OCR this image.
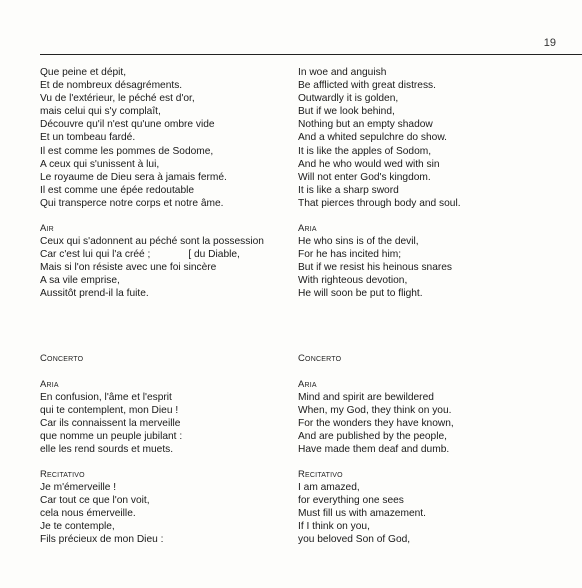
19
Que peine et dépit,
Et de nombreux désagréments.
Vu de l'extérieur, le péché est d'or,
mais celui qui s'y complaît,
Découvre qu'il n'est qu'une ombre vide
Et un tombeau fardé.
Il est comme les pommes de Sodome,
A ceux qui s'unissent à lui,
Le royaume de Dieu sera à jamais fermé.
Il est comme une épée redoutable
Qui transperce notre corps et notre âme.
Air
Ceux qui s'adonnent au péché sont la possession
Car c'est lui qui l'a créé ;	[ du Diable,
Mais si l'on résiste avec une foi sincère
A sa vile emprise,
Aussitôt prend-il la fuite.
Concerto
Aria
En confusion, l'âme et l'esprit
qui te contemplent, mon Dieu !
Car ils connaissent la merveille
que nomme un peuple jubilant :
elle les rend sourds et muets.
Recitativo
Je m'émerveille !
Car tout ce que l'on voit,
cela nous émerveille.
Je te contemple,
Fils précieux de mon Dieu :
In woe and anguish
Be afflicted with great distress.
Outwardly it is golden,
But if we look behind,
Nothing but an empty shadow
And a whited sepulchre do show.
It is like the apples of Sodom,
And he who would wed with sin
Will not enter God's kingdom.
It is like a sharp sword
That pierces through body and soul.
Aria
He who sins is of the devil,
For he has incited him;
But if we resist his heinous snares
With righteous devotion,
He will soon be put to flight.
Concerto
Aria
Mind and spirit are bewildered
When, my God, they think on you.
For the wonders they have known,
And are published by the people,
Have made them deaf and dumb.
Recitativo
I am amazed,
for everything one sees
Must fill us with amazement.
If I think on you,
you beloved Son of God,
